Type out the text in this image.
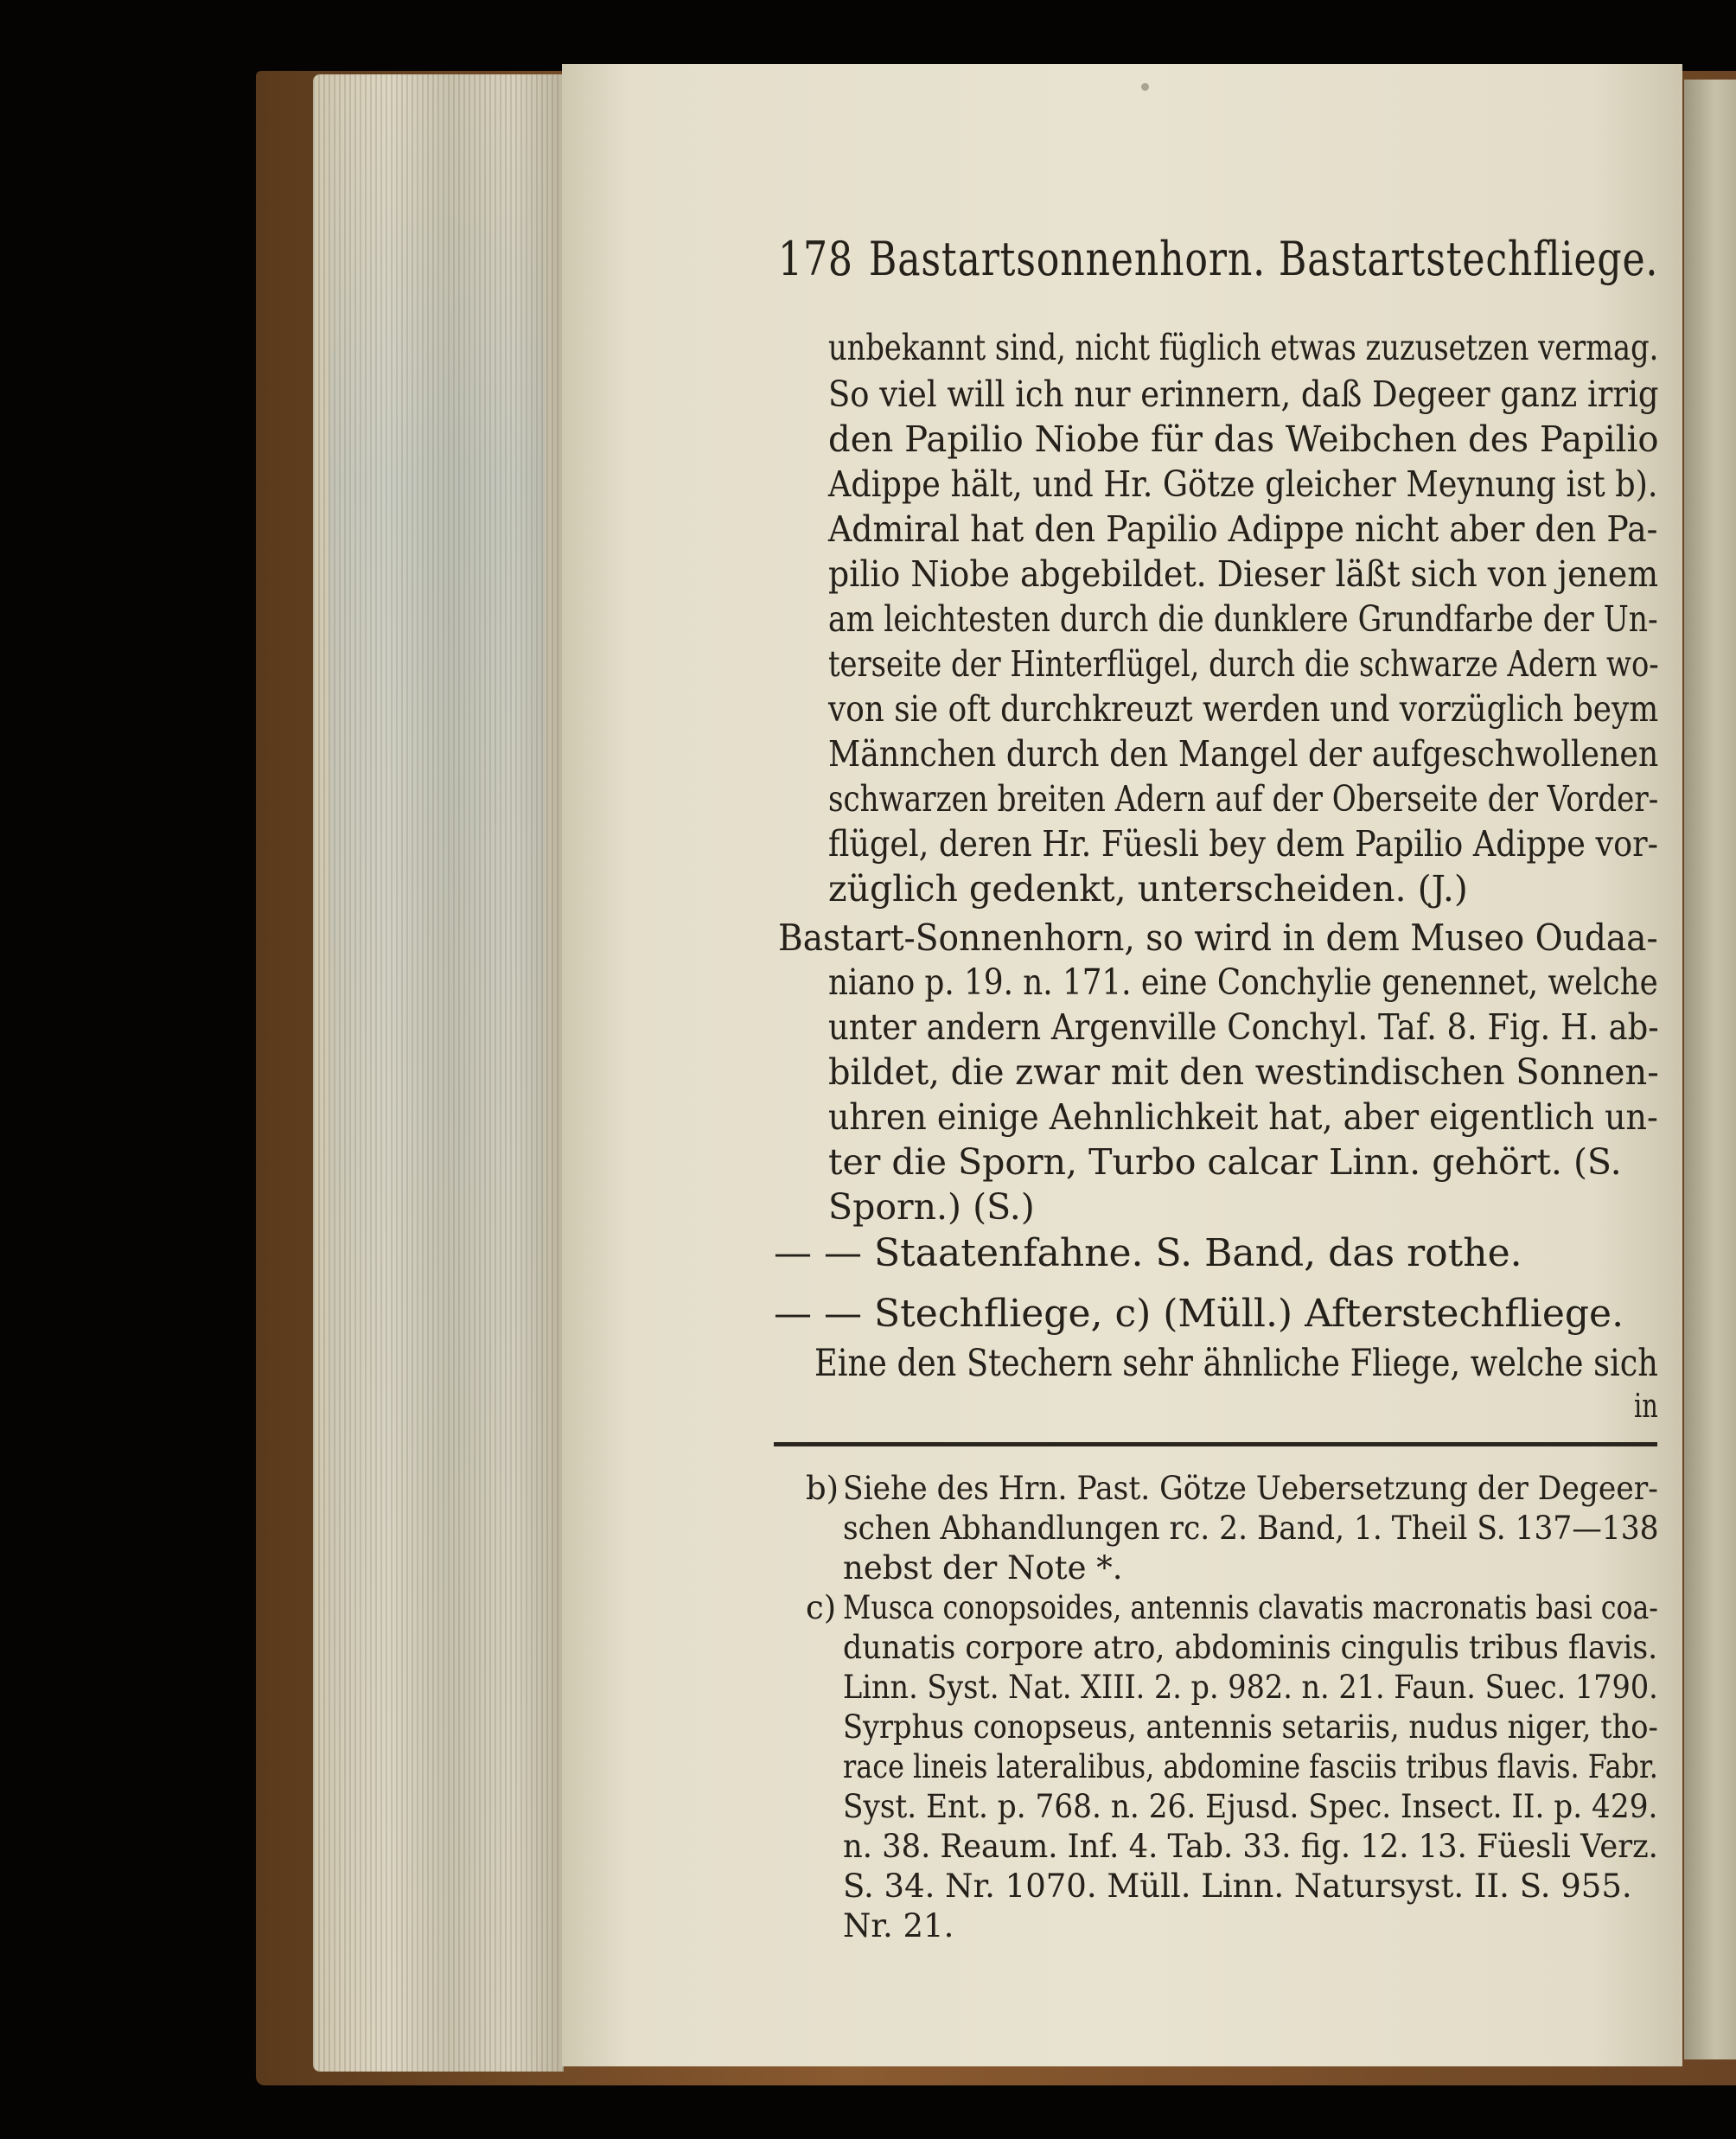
178 Bastartsonnenhorn. Bastartstechfliege.
unbekannt sind, nicht füglich etwas zuzusetzen vermag.
So viel will ich nur erinnern, daß Degeer ganz irrig
den Papilio Niobe für das Weibchen des Papilio
Adippe hält, und Hr. Götze gleicher Meynung ist b).
Admiral hat den Papilio Adippe nicht aber den Pa-
pilio Niobe abgebildet. Dieser läßt sich von jenem
am leichtesten durch die dunklere Grundfarbe der Un-
terseite der Hinterflügel, durch die schwarze Adern wo-
von sie oft durchkreuzt werden und vorzüglich beym
Männchen durch den Mangel der aufgeschwollenen
schwarzen breiten Adern auf der Oberseite der Vorder-
flügel, deren Hr. Füesli bey dem Papilio Adippe vor-
züglich gedenkt, unterscheiden. (J.)
Bastart-Sonnenhorn, so wird in dem Museo Oudaa-
niano p. 19. n. 171. eine Conchylie genennet, welche
unter andern Argenville Conchyl. Taf. 8. Fig. H. ab-
bildet, die zwar mit den westindischen Sonnen-
uhren einige Aehnlichkeit hat, aber eigentlich un-
ter die Sporn, Turbo calcar Linn. gehört. (S.
Sporn.) (S.)
— — Staatenfahne. S. Band, das rothe.
— — Stechfliege, c) (Müll.) Afterstechfliege.
Eine den Stechern sehr ähnliche Fliege, welche sich
in
b) Siehe des Hrn. Past. Götze Uebersetzung der Degeer-
schen Abhandlungen rc. 2. Band, 1. Theil S. 137—138
nebst der Note *.
c) Musca conopsoides, antennis clavatis macronatis basi coa-
dunatis corpore atro, abdominis cingulis tribus flavis.
Linn. Syst. Nat. XIII. 2. p. 982. n. 21. Faun. Suec. 1790.
Syrphus conopseus, antennis setariis, nudus niger, tho-
race lineis lateralibus, abdomine fasciis tribus flavis. Fabr.
Syst. Ent. p. 768. n. 26. Ejusd. Spec. Insect. II. p. 429.
n. 38. Reaum. Inf. 4. Tab. 33. fig. 12. 13. Füesli Verz.
S. 34. Nr. 1070. Müll. Linn. Natursyst. II. S. 955.
Nr. 21.
